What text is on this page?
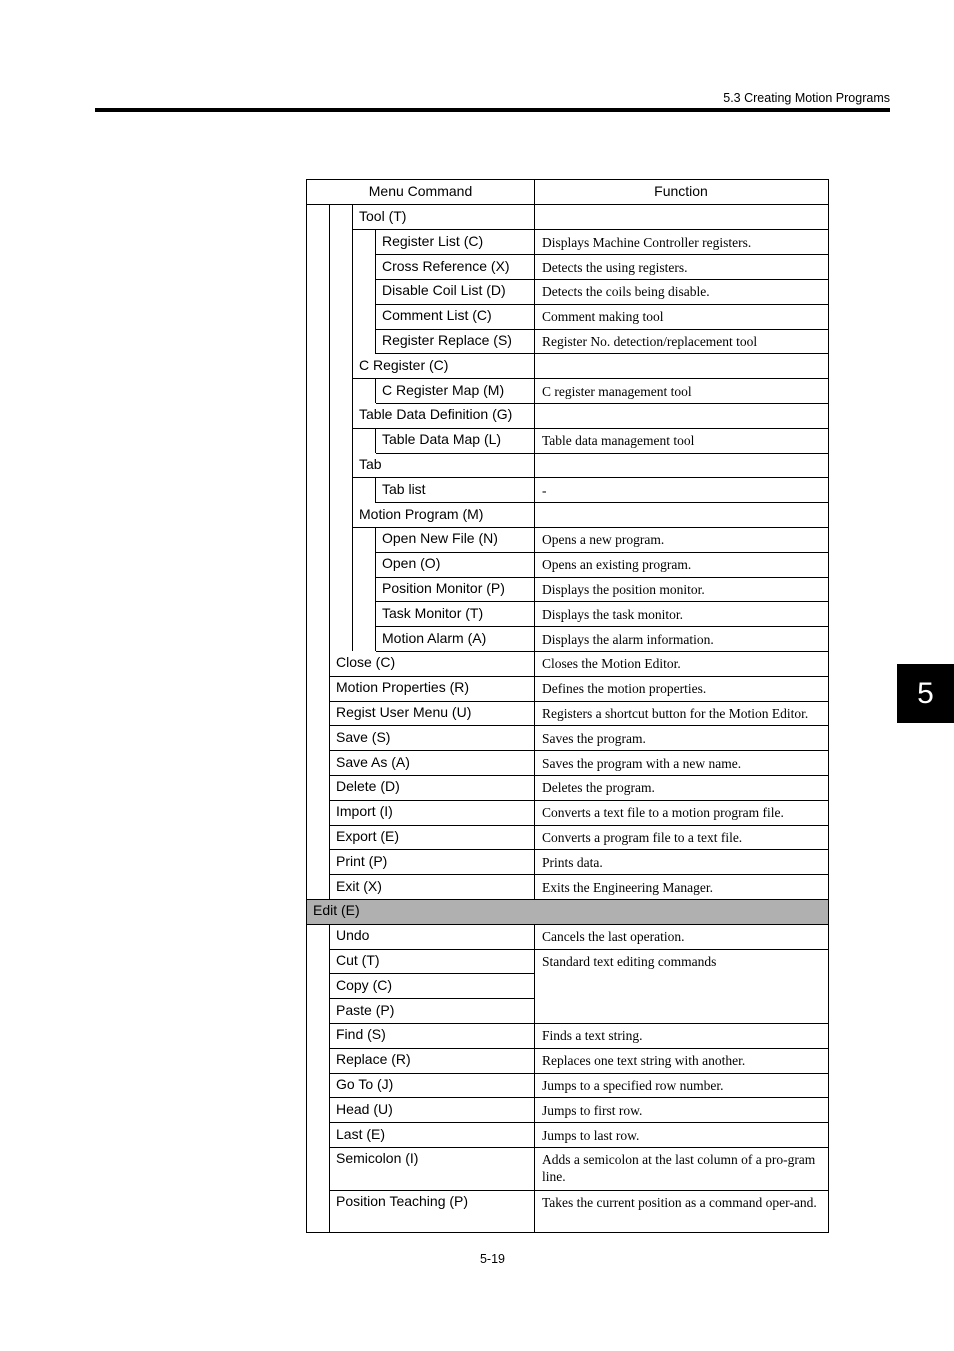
5.3 Creating Motion Programs
5
5-19
Menu Command	Function
Tool (T)
Register List (C)	Displays Machine Controller registers.
Cross Reference (X)	Detects the using registers.
Disable Coil List (D)	Detects the coils being disable.
Comment List (C)	Comment making tool
Register Replace (S)	Register No. detection/replacement tool
C Register (C)
C Register Map (M)	C register management tool
Table Data Definition (G)
Table Data Map (L)	Table data management tool
Tab
Tab list	-
Motion Program (M)
Open New File (N)	Opens a new program.
Open (O)	Opens an existing program.
Position Monitor (P)	Displays the position monitor.
Task Monitor (T)	Displays the task monitor.
Motion Alarm (A)	Displays the alarm information.
Close (C)	Closes the Motion Editor.
Motion Properties (R)	Defines the motion properties.
Regist User Menu (U)	Registers a shortcut button for the Motion Editor.
Save (S)	Saves the program.
Save As (A)	Saves the program with a new name.
Delete (D)	Deletes the program.
Import (I)	Converts a text file to a motion program file.
Export (E)	Converts a program file to a text file.
Print (P)	Prints data.
Exit (X)	Exits the Engineering Manager.
Edit (E)
Undo	Cancels the last operation.
Cut (T)	Standard text editing commands
Copy (C)
Paste (P)
Find (S)	Finds a text string.
Replace (R)	Replaces one text string with another.
Go To (J)	Jumps to a specified row number.
Head (U)	Jumps to first row.
Last (E)	Jumps to last row.
Semicolon (I)	Adds a semicolon at the last column of a pro-gram line.
Position Teaching (P)	Takes the current position as a command oper-and.
